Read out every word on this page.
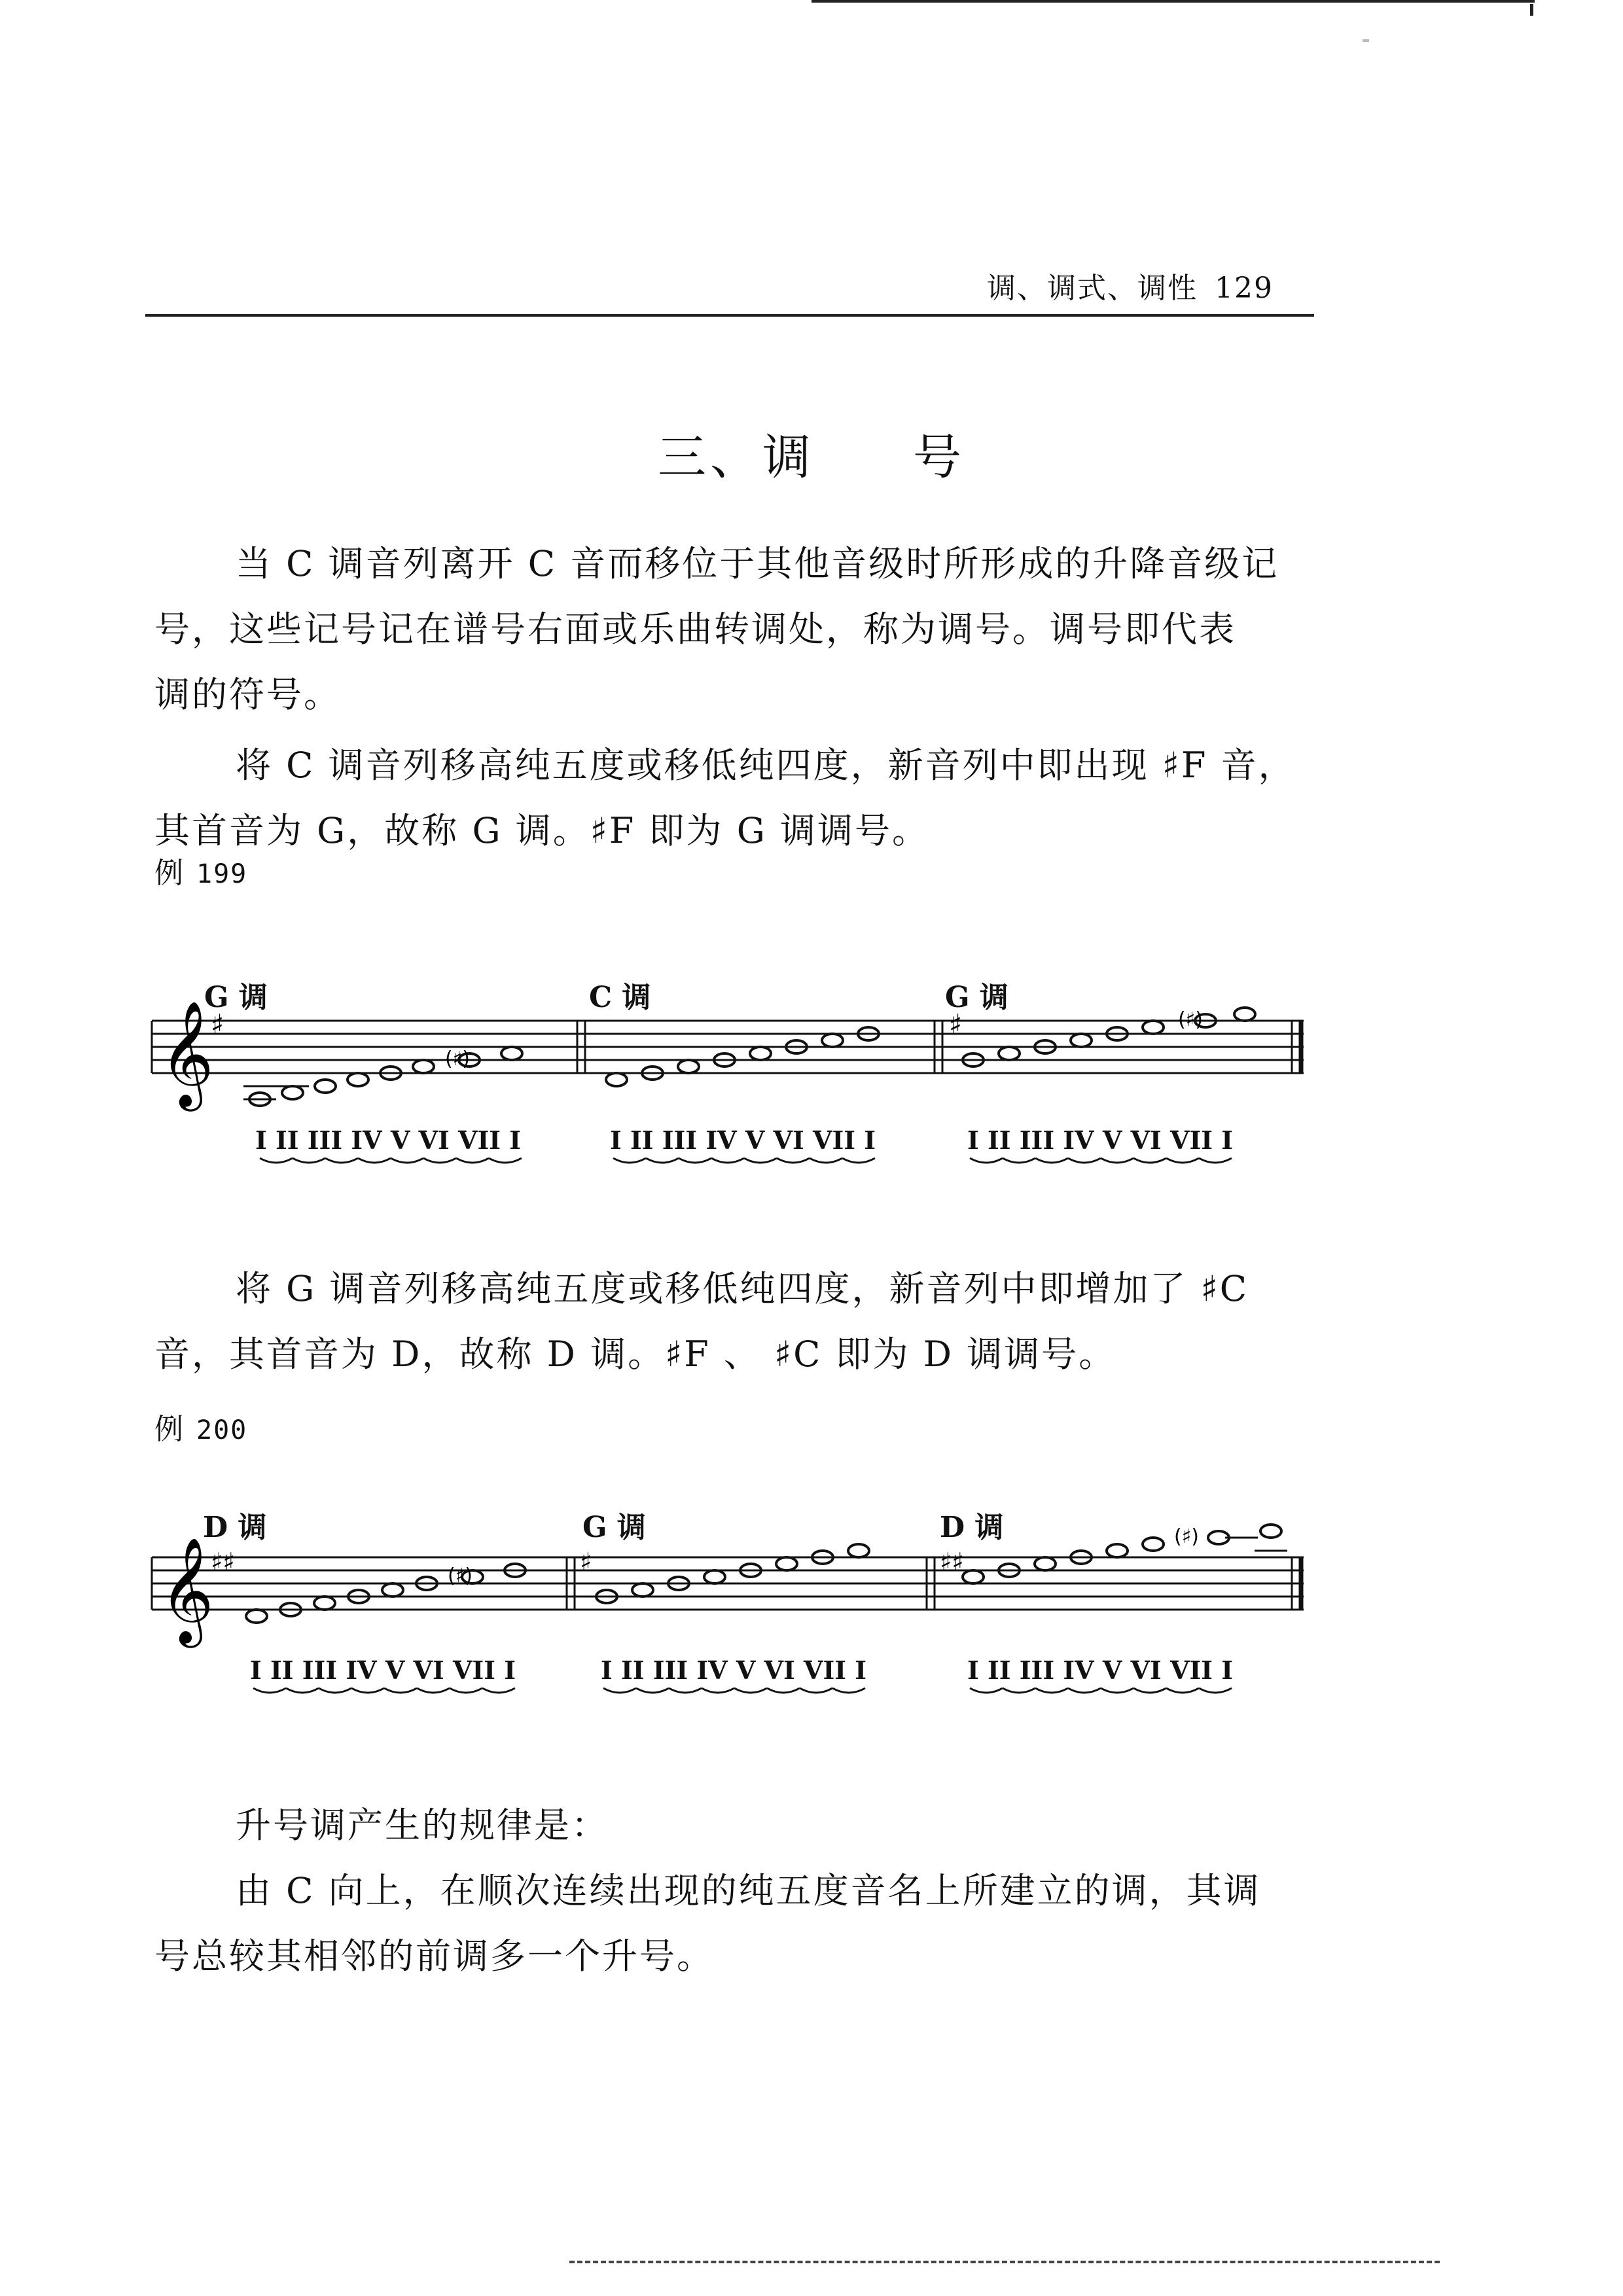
调、调式、调性 129
三、调 号

当 C 调音列离开 C 音而移位于其他音级时所形成的升降音级记

号，这些记号记在谱号右面或乐曲转调处，称为调号。调号即代表

调的符号。

将 C 调音列移高纯五度或移低纯四度，新音列中即出现 ♯F 音，

其首音为 G，故称 G 调。♯F 即为 G 调调号。

例 199
𝄞
♯	♯
(♯)
(♯)
G 调	C 调	G 调
I II III IV V VI VII I	I II III IV V VI VII I	I II III IV V VI VII I

将 G 调音列移高纯五度或移低纯四度，新音列中即增加了 ♯C

音，其首音为 D，故称 D 调。♯F 、 ♯C 即为 D 调调号。

例 200
𝄞
♯♯	♯	♯♯
(♯)
(♯)
D 调	G 调	D 调
I II III IV V VI VII I	I II III IV V VI VII I	I II III IV V VI VII I

升号调产生的规律是：

由 C 向上，在顺次连续出现的纯五度音名上所建立的调，其调

号总较其相邻的前调多一个升号。
